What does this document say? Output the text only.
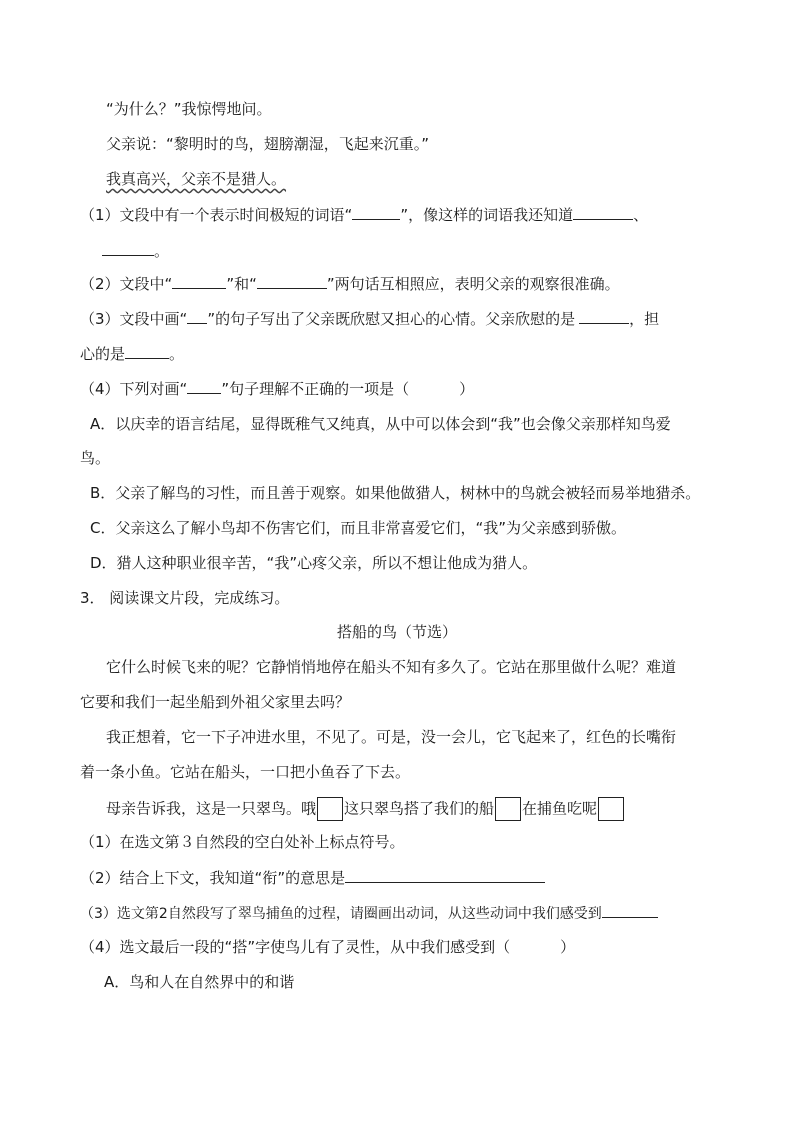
“为什么？”我惊愕地问。
父亲说：“黎明时的鸟，翅膀潮湿，飞起来沉重。”
我真高兴，父亲不是猎人。
（1）文段中有一个表示时间极短的词语“	”，像这样的词语我还知道	、
。
（2）文段中“	”和“	”两句话互相照应，表明父亲的观察很准确。
（3）文段中画“ ”的句子写出了父亲既欣慰又担心的心情。父亲欣慰的是	，担
心的是	。
（4）下列对画“ ”句子理解不正确的一项是（	）
A．以庆幸的语言结尾，显得既稚气又纯真，从中可以体会到“我”也会像父亲那样知鸟爱
鸟。
B．父亲了解鸟的习性，而且善于观察。如果他做猎人，树林中的鸟就会被轻而易举地猎杀。
C．父亲这么了解小鸟却不伤害它们，而且非常喜爱它们，“我”为父亲感到骄傲。
D．猎人这种职业很辛苦，“我”心疼父亲，所以不想让他成为猎人。
3． 阅读课文片段，完成练习。
搭船的鸟（节选）
它什么时候飞来的呢？它静悄悄地停在船头不知有多久了。它站在那里做什么呢？难道
它要和我们一起坐船到外祖父家里去吗？
我正想着，它一下子冲进水里，不见了。可是，没一会儿，它飞起来了，红色的长嘴衔
着一条小鱼。它站在船头，一口把小鱼吞了下去。
母亲告诉我，这是一只翠鸟。哦 这只翠鸟搭了我们的船 在捕鱼吃呢
（1）在选文第３自然段的空白处补上标点符号。
（2）结合上下文，我知道“衔”的意思是
（3）选文第2自然段写了翠鸟捕鱼的过程，请圈画出动词，从这些动词中我们感受到
（4）选文最后一段的“搭”字使鸟儿有了灵性，从中我们感受到（	）
A．鸟和人在自然界中的和谐
